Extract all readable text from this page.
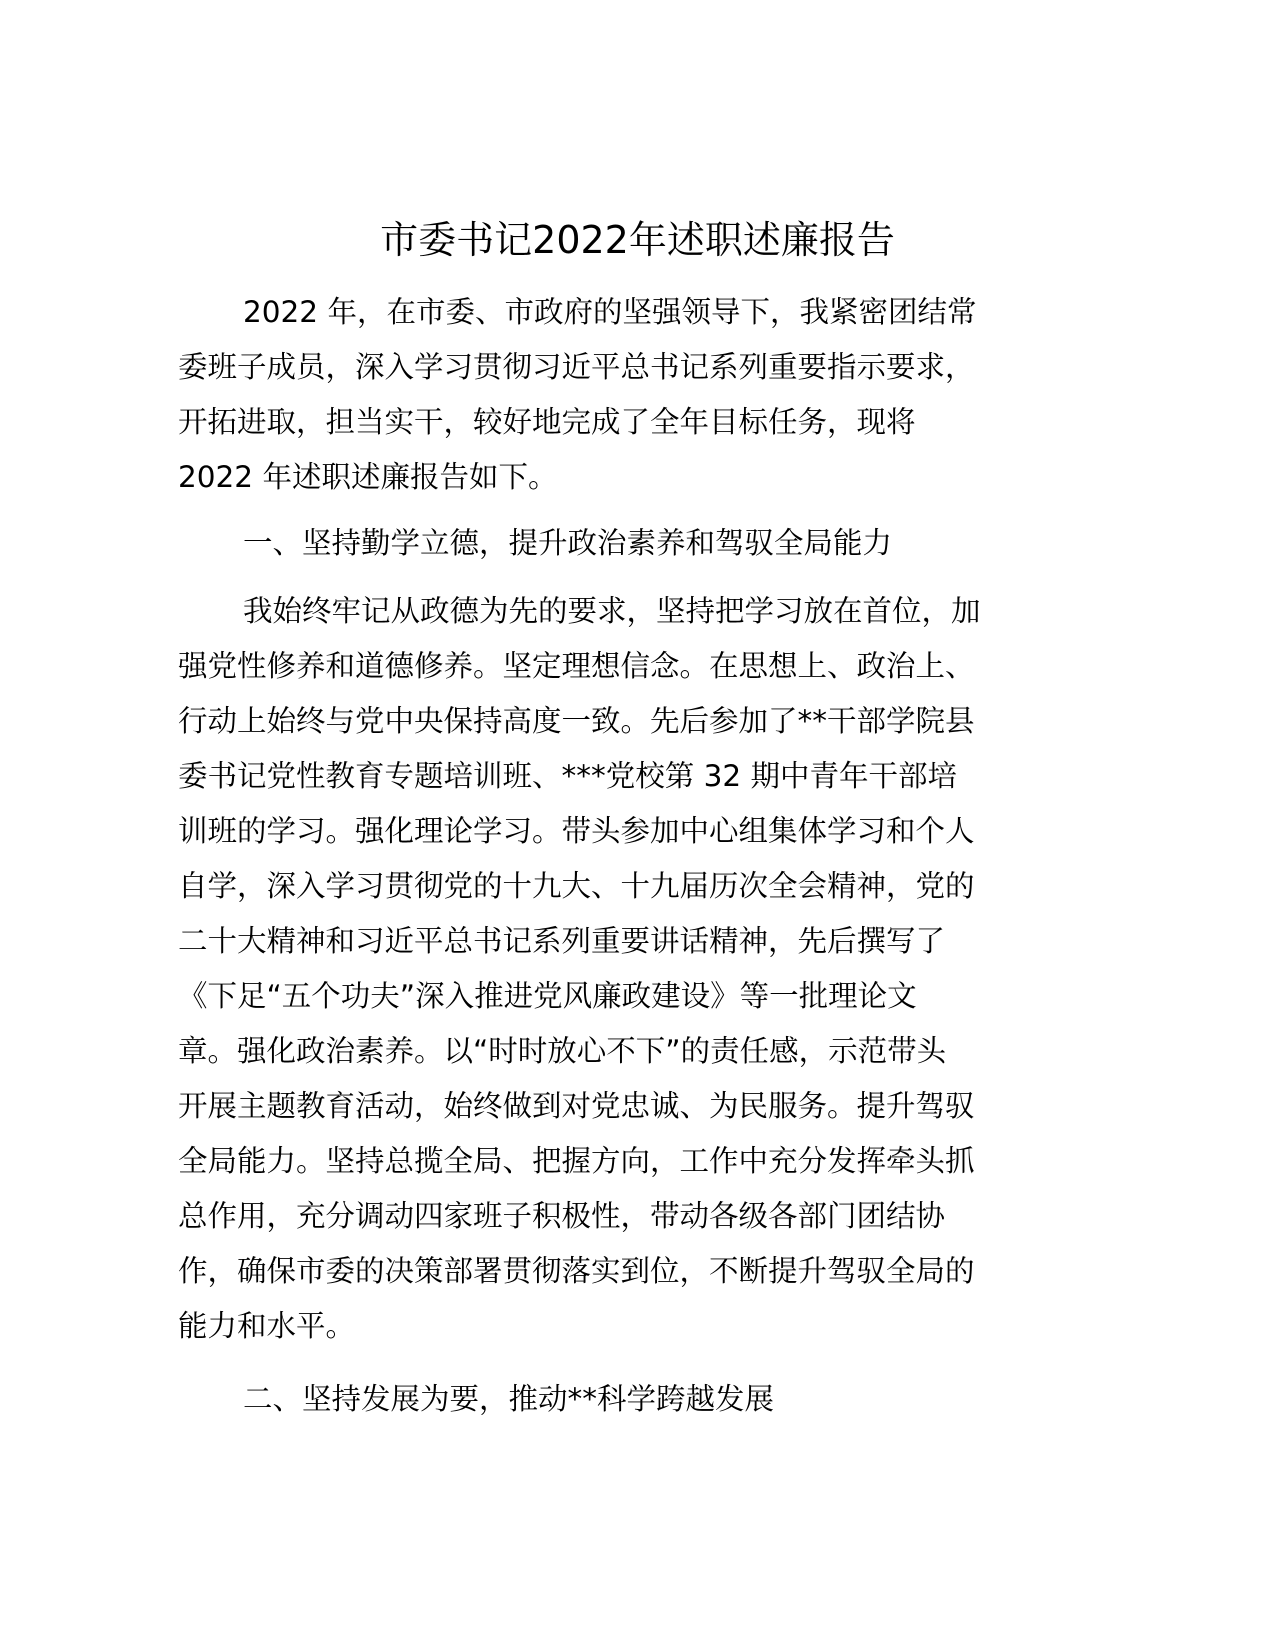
市委书记2022年述职述廉报告
2022 年，在市委、市政府的坚强领导下，我紧密团结常
委班子成员，深入学习贯彻习近平总书记系列重要指示要求，
开拓进取，担当实干，较好地完成了全年目标任务，现将
2022 年述职述廉报告如下。
一、坚持勤学立德，提升政治素养和驾驭全局能力
我始终牢记从政德为先的要求，坚持把学习放在首位，加
强党性修养和道德修养。坚定理想信念。在思想上、政治上、
行动上始终与党中央保持高度一致。先后参加了**干部学院县
委书记党性教育专题培训班、***党校第 32 期中青年干部培
训班的学习。强化理论学习。带头参加中心组集体学习和个人
自学，深入学习贯彻党的十九大、十九届历次全会精神，党的
二十大精神和习近平总书记系列重要讲话精神，先后撰写了
《下足“五个功夫”深入推进党风廉政建设》等一批理论文
章。强化政治素养。以“时时放心不下”的责任感，示范带头
开展主题教育活动，始终做到对党忠诚、为民服务。提升驾驭
全局能力。坚持总揽全局、把握方向，工作中充分发挥牵头抓
总作用，充分调动四家班子积极性，带动各级各部门团结协
作，确保市委的决策部署贯彻落实到位，不断提升驾驭全局的
能力和水平。
二、坚持发展为要，推动**科学跨越发展
